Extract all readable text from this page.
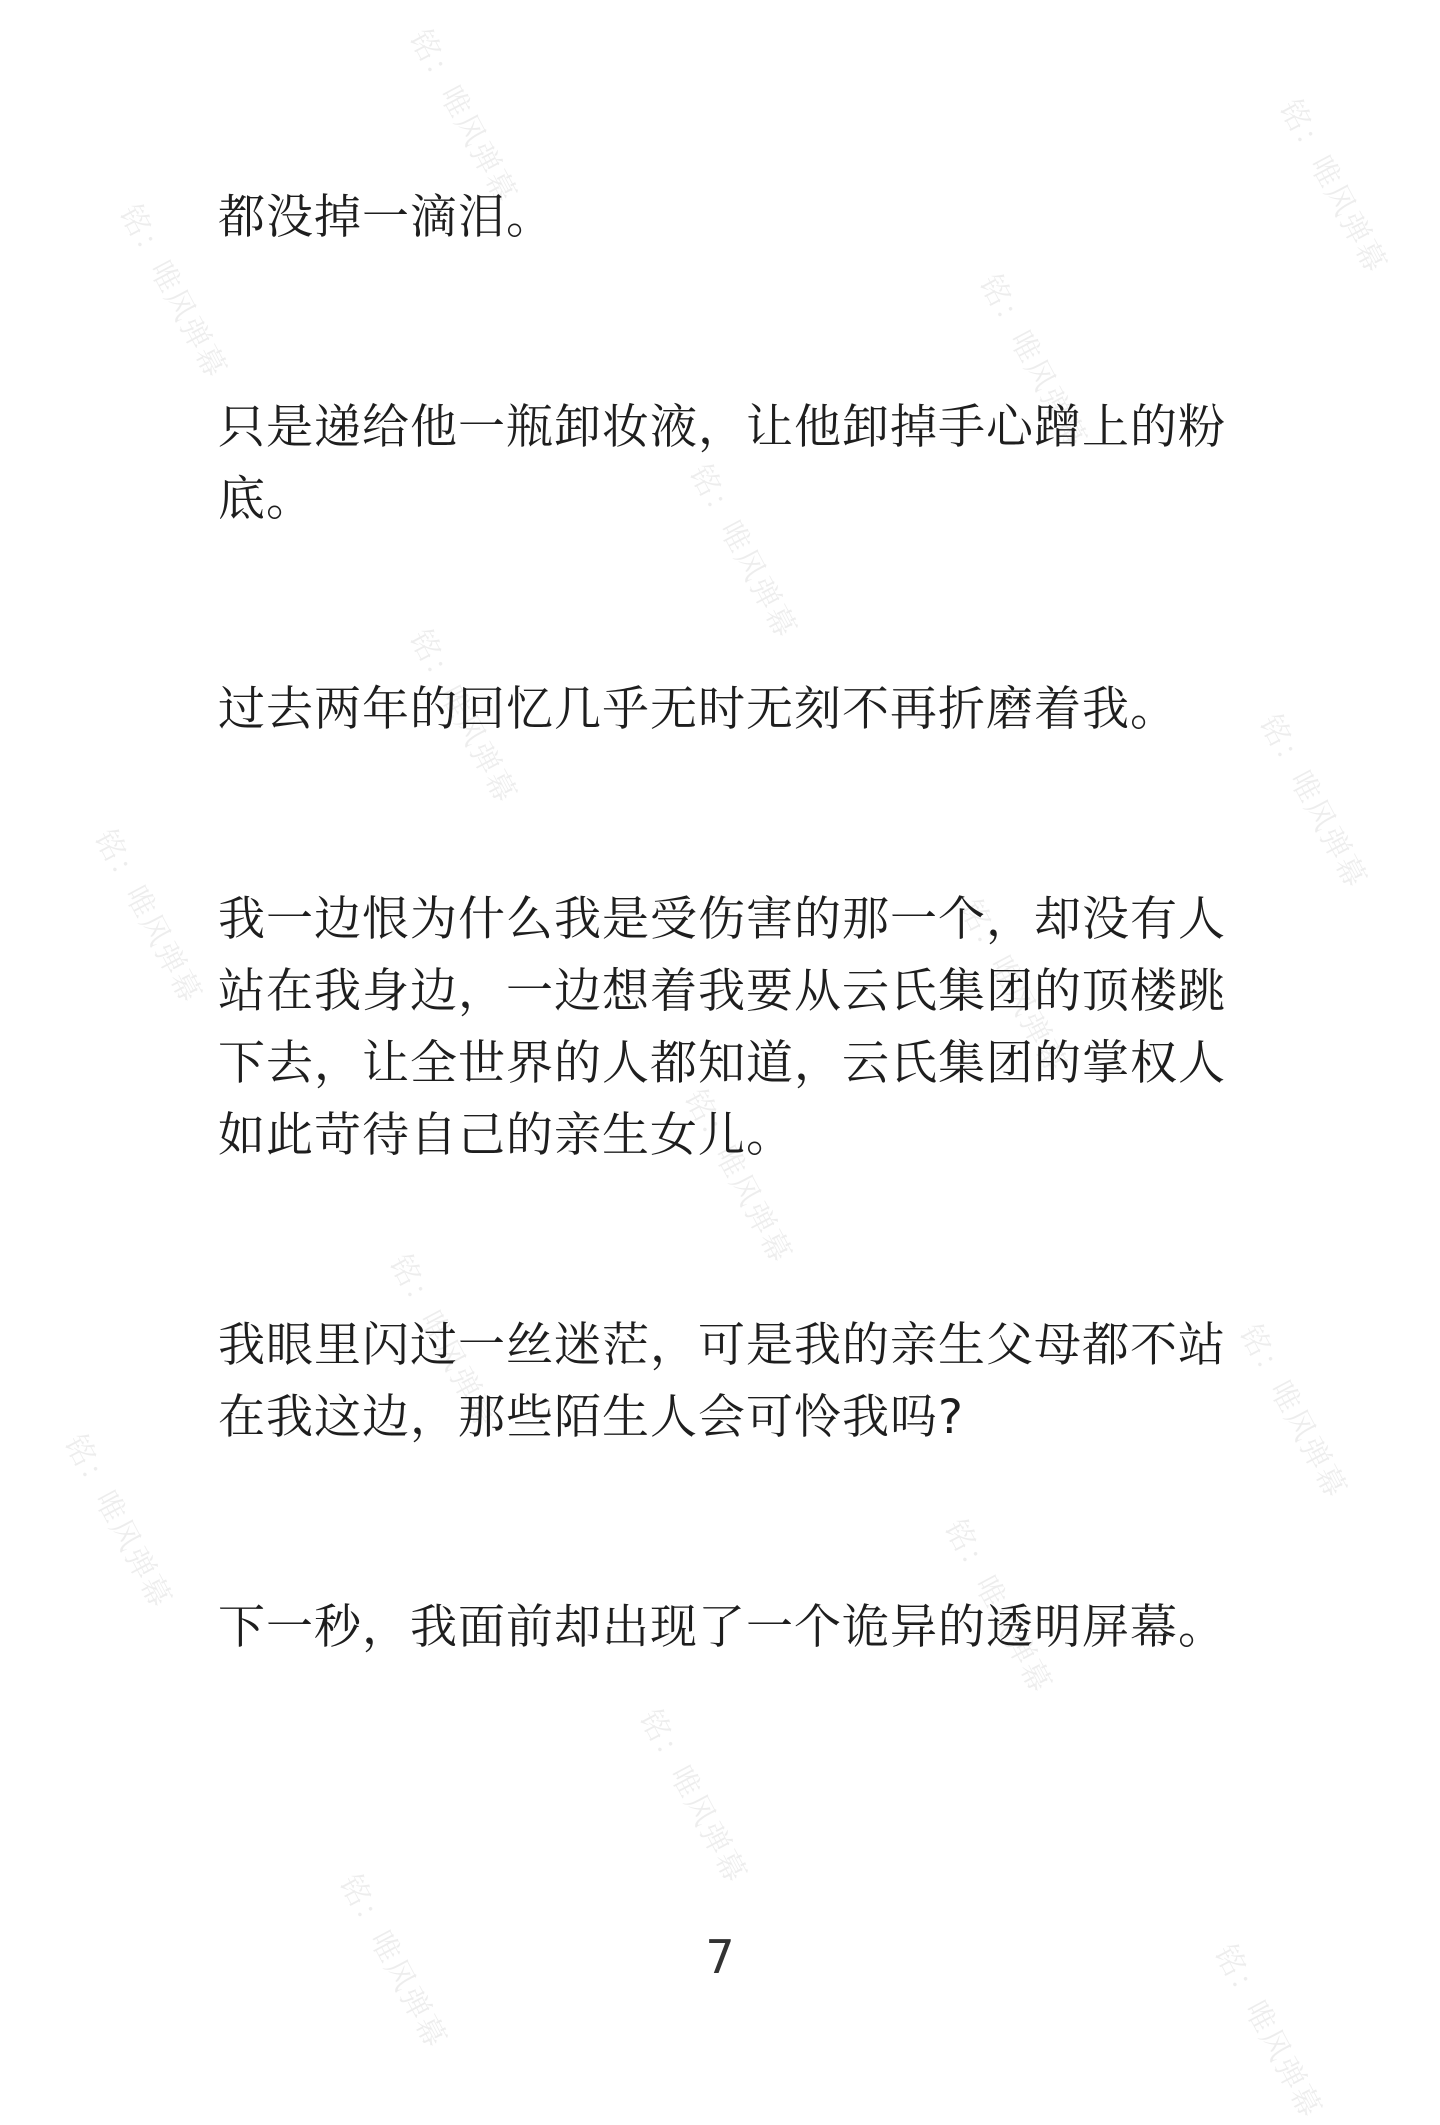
铭：唯风弹幕	铭：唯风弹幕
铭：唯风弹幕	铭：唯风弹幕
铭：唯风弹幕
铭：唯风弹幕	铭：唯风弹幕
铭：唯风弹幕	铭：唯风弹幕
铭：唯风弹幕
铭：唯风弹幕	铭：唯风弹幕
铭：唯风弹幕	铭：唯风弹幕
铭：唯风弹幕
铭：唯风弹幕	铭：唯风弹幕

都没掉一滴泪。

只是递给他一瓶卸妆液，让他卸掉手心蹭上的粉底。

过去两年的回忆几乎无时无刻不再折磨着我。

我一边恨为什么我是受伤害的那一个，却没有人站在我身边，一边想着我要从云氏集团的顶楼跳下去，让全世界的人都知道，云氏集团的掌权人如此苛待自己的亲生女儿。

我眼里闪过一丝迷茫，可是我的亲生父母都不站在我这边，那些陌生人会可怜我吗?

下一秒，我面前却出现了一个诡异的透明屏幕。

7
